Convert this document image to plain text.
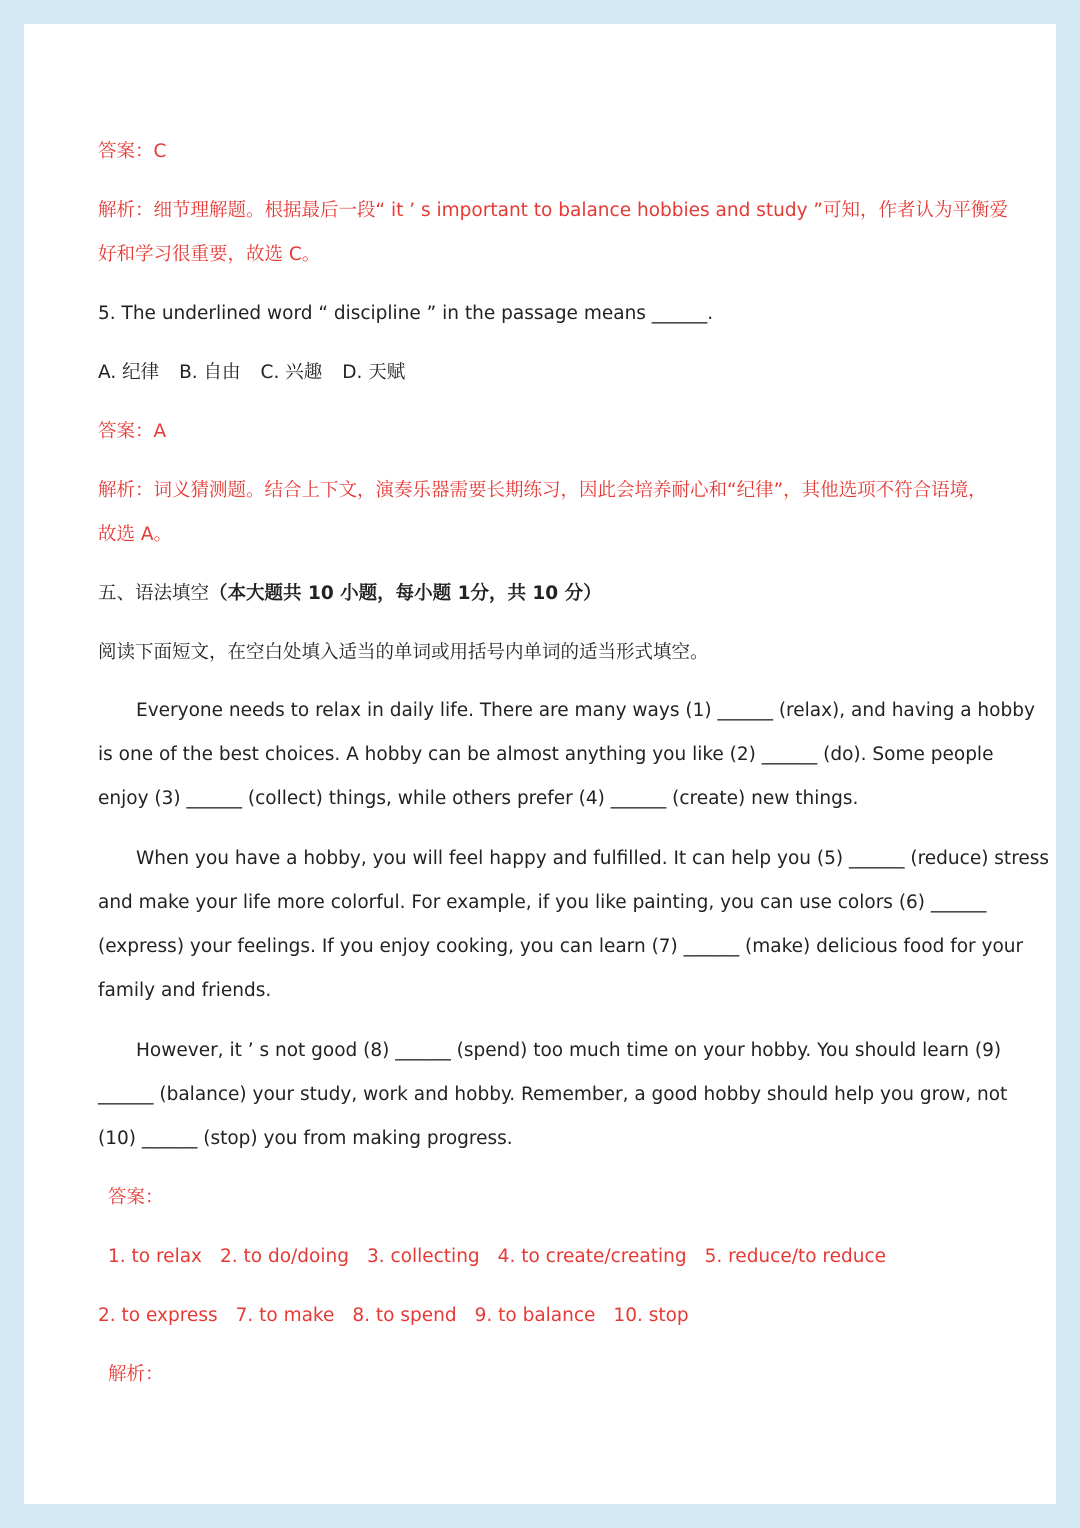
答案：C

解析：细节理解题。根据最后一段“ it ’ s important to balance hobbies and study ”可知，作者认为平衡爱

好和学习很重要，故选 C。

5. The underlined word “ discipline ” in the passage means ______.

A. 纪律 B. 自由 C. 兴趣 D. 天赋

答案：A

解析：词义猜测题。结合上下文，演奏乐器需要长期练习，因此会培养耐心和“纪律”，其他选项不符合语境，

故选 A。

五、语法填空（本大题共 10 小题，每小题 1分，共 10 分）

阅读下面短文，在空白处填入适当的单词或用括号内单词的适当形式填空。

Everyone needs to relax in daily life. There are many ways (1) ______ (relax), and having a hobby

is one of the best choices. A hobby can be almost anything you like (2) ______ (do). Some people

enjoy (3) ______ (collect) things, while others prefer (4) ______ (create) new things.

When you have a hobby, you will feel happy and fulfilled. It can help you (5) ______ (reduce) stress

and make your life more colorful. For example, if you like painting, you can use colors (6) ______

(express) your feelings. If you enjoy cooking, you can learn (7) ______ (make) delicious food for your

family and friends.

However, it ’ s not good (8) ______ (spend) too much time on your hobby. You should learn (9)

______ (balance) your study, work and hobby. Remember, a good hobby should help you grow, not

(10) ______ (stop) you from making progress.

答案：

1. to relax 2. to do/doing 3. collecting 4. to create/creating 5. reduce/to reduce

2. to express 7. to make 8. to spend 9. to balance 10. stop

解析：
